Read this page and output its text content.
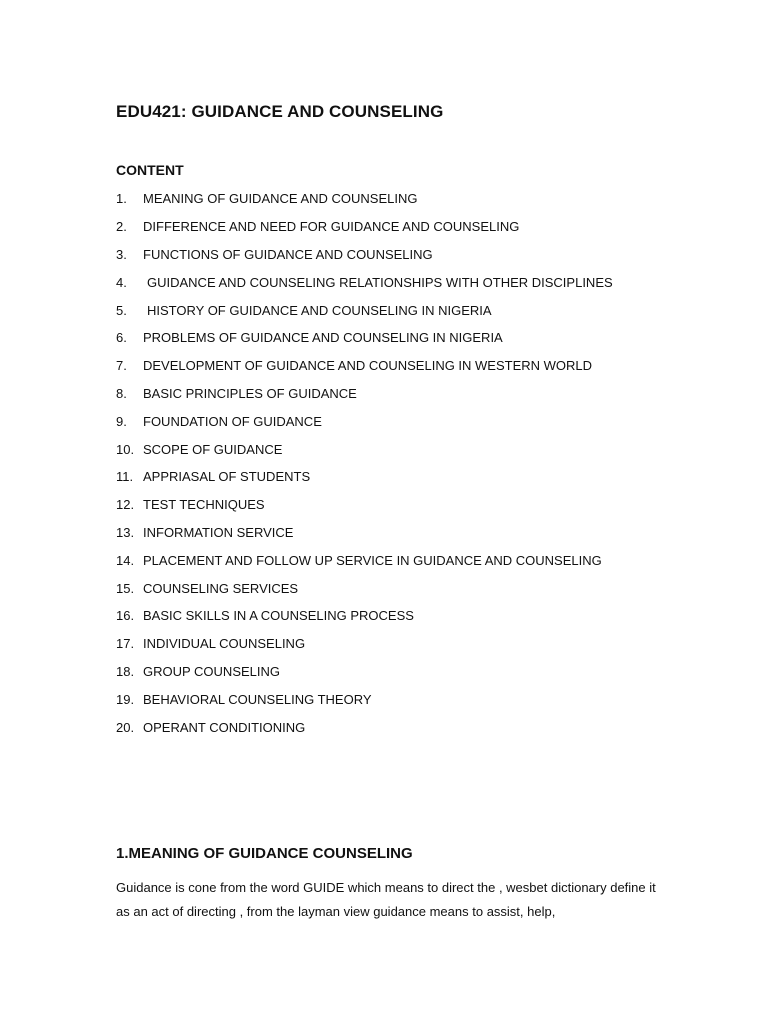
EDU421: GUIDANCE AND COUNSELING
CONTENT
1.	MEANING OF GUIDANCE AND COUNSELING
2.	DIFFERENCE AND NEED FOR GUIDANCE AND COUNSELING
3.	FUNCTIONS OF GUIDANCE AND COUNSELING
4.	GUIDANCE AND COUNSELING RELATIONSHIPS WITH OTHER DISCIPLINES
5.	HISTORY OF GUIDANCE AND COUNSELING IN NIGERIA
6.	PROBLEMS OF GUIDANCE AND COUNSELING IN NIGERIA
7.	DEVELOPMENT OF GUIDANCE AND COUNSELING IN WESTERN WORLD
8.	BASIC PRINCIPLES OF GUIDANCE
9.	FOUNDATION OF GUIDANCE
10. SCOPE OF GUIDANCE
11. APPRIASAL OF STUDENTS
12. TEST TECHNIQUES
13. INFORMATION SERVICE
14. PLACEMENT AND FOLLOW UP SERVICE IN GUIDANCE AND COUNSELING
15. COUNSELING SERVICES
16. BASIC SKILLS IN A COUNSELING PROCESS
17. INDIVIDUAL COUNSELING
18. GROUP COUNSELING
19. BEHAVIORAL COUNSELING THEORY
20. OPERANT CONDITIONING
1.MEANING OF GUIDANCE COUNSELING

Guidance is cone from the word GUIDE which means to direct the , wesbet dictionary define it as an act of directing , from the layman view guidance means to assist, help,
